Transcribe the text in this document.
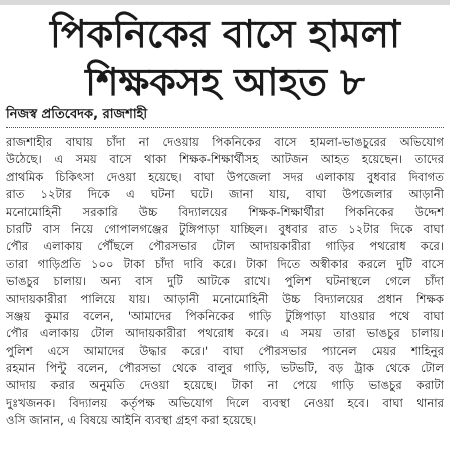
পিকনিকের বাসে হামলা
শিক্ষকসহ আহত ৮
নিজস্ব প্রতিবেদক, রাজশাহী
রাজশাহীর বাঘায় চাঁদা না দেওয়ায় পিকনিকের বাসে হামলা-ভাঙচুরের অভিযোগ
উঠেছে। এ সময় বাসে থাকা শিক্ষক-শিক্ষার্থীসহ আটজন আহত হয়েছেন। তাদের
প্রাথমিক চিকিৎসা দেওয়া হয়েছে। বাঘা উপজেলা সদর এলাকায় বুধবার দিবাগত
রাত ১২টার দিকে এ ঘটনা ঘটে। জানা যায়, বাঘা উপজেলার আড়ানী
মনোমোহিনী সরকারি উচ্চ বিদ্যালয়ের শিক্ষক-শিক্ষার্থীরা পিকনিকের উদ্দেশ
চারটি বাস নিয়ে গোপালগঞ্জের টুঙ্গিপাড়া যাচ্ছিল। বুধবার রাত ১২টার দিকে বাঘা
পৌর এলাকায় পৌঁছলে পৌরসভার টোল আদায়কারীরা গাড়ির পথরোধ করে।
তারা গাড়িপ্রতি ১০০ টাকা চাঁদা দাবি করে। টাকা দিতে অস্বীকার করলে দুটি বাসে
ভাঙচুর চালায়। অন্য বাস দুটি আটকে রাখে। পুলিশ ঘটনাস্থলে গেলে চাঁদা
আদায়কারীরা পালিয়ে যায়। আড়ানী মনোমোহিনী উচ্চ বিদ্যালয়ের প্রধান শিক্ষক
সঞ্জয় কুমার বলেন, 'আমাদের পিকনিকের গাড়ি টুঙ্গিপাড়া যাওয়ার পথে বাঘা
পৌর এলাকায় টোল আদায়কারীরা পথরোধ করে। এ সময় তারা ভাঙচুর চালায়।
পুলিশ এসে আমাদের উদ্ধার করে।' বাঘা পৌরসভার প্যানেল মেয়র শাহিনুর
রহমান পিন্টু বলেন, পৌরসভা থেকে বালুর গাড়ি, ভটভটি, বড় ট্রাক থেকে টোল
আদায় করার অনুমতি দেওয়া হয়েছে। টাকা না পেয়ে গাড়ি ভাঙচুর করাটা
দুঃখজনক। বিদ্যালয় কর্তৃপক্ষ অভিযোগ দিলে ব্যবস্থা নেওয়া হবে। বাঘা থানার
ওসি জানান, এ বিষয়ে আইনি ব্যবস্থা গ্রহণ করা হয়েছে।
